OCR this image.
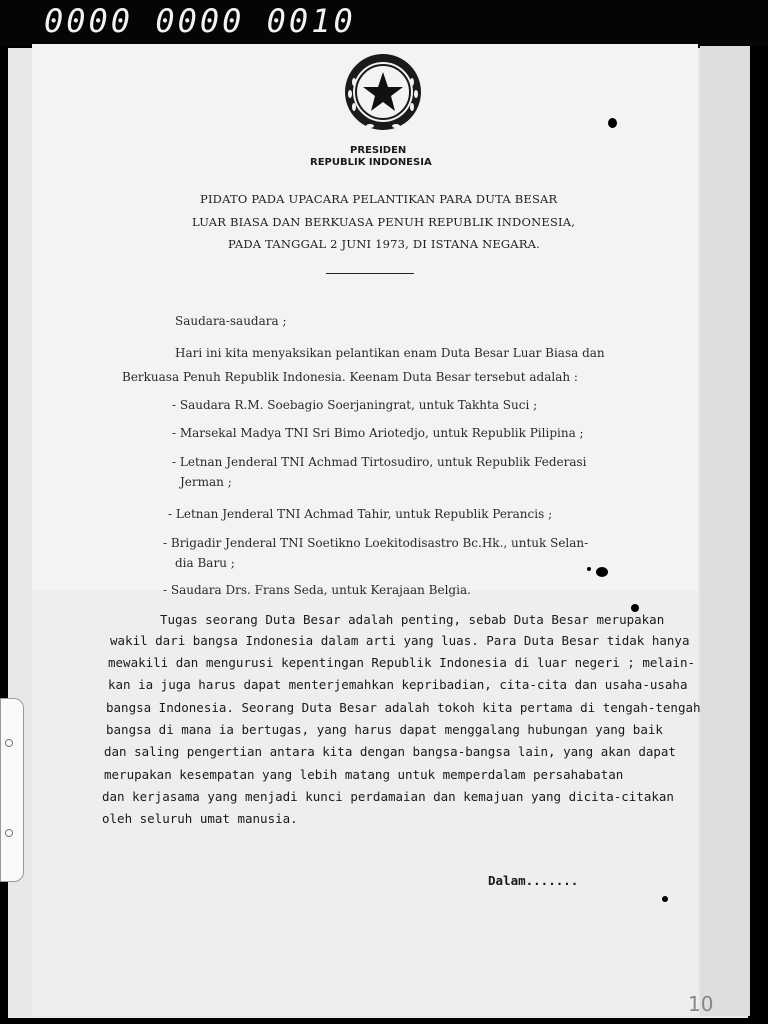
0000 0000 0010

PRESIDEN

REPUBLIK INDONESIA

PIDATO PADA UPACARA PELANTIKAN PARA DUTA BESAR

LUAR BIASA DAN BERKUASA PENUH REPUBLIK INDONESIA,

PADA TANGGAL 2 JUNI 1973, DI ISTANA NEGARA.

Saudara-saudara ;

Hari ini kita menyaksikan pelantikan enam Duta Besar Luar Biasa dan

Berkuasa Penuh Republik Indonesia. Keenam Duta Besar tersebut adalah :

- Saudara R.M. Soebagio Soerjaningrat, untuk Takhta Suci ;

- Marsekal Madya TNI Sri Bimo Ariotedjo, untuk Republik Pilipina ;

- Letnan Jenderal TNI Achmad Tirtosudiro, untuk Republik Federasi

Jerman ;

- Letnan Jenderal TNI Achmad Tahir, untuk Republik Perancis ;

- Brigadir Jenderal TNI Soetikno Loekitodisastro Bc.Hk., untuk Selan-

dia Baru ;

- Saudara Drs. Frans Seda, untuk Kerajaan Belgia.

Tugas seorang Duta Besar adalah penting, sebab Duta Besar merupakan

wakil dari bangsa Indonesia dalam arti yang luas. Para Duta Besar tidak hanya

mewakili dan mengurusi kepentingan Republik Indonesia di luar negeri ; melain-

kan ia juga harus dapat menterjemahkan kepribadian, cita-cita dan usaha-usaha

bangsa Indonesia. Seorang Duta Besar adalah tokoh kita pertama di tengah-tengah

bangsa di mana ia bertugas, yang harus dapat menggalang hubungan yang baik

dan saling pengertian antara kita dengan bangsa-bangsa lain, yang akan dapat

merupakan kesempatan yang lebih matang untuk memperdalam persahabatan

dan kerjasama yang menjadi kunci perdamaian dan kemajuan yang dicita-citakan

oleh seluruh umat manusia.

Dalam.......

10
